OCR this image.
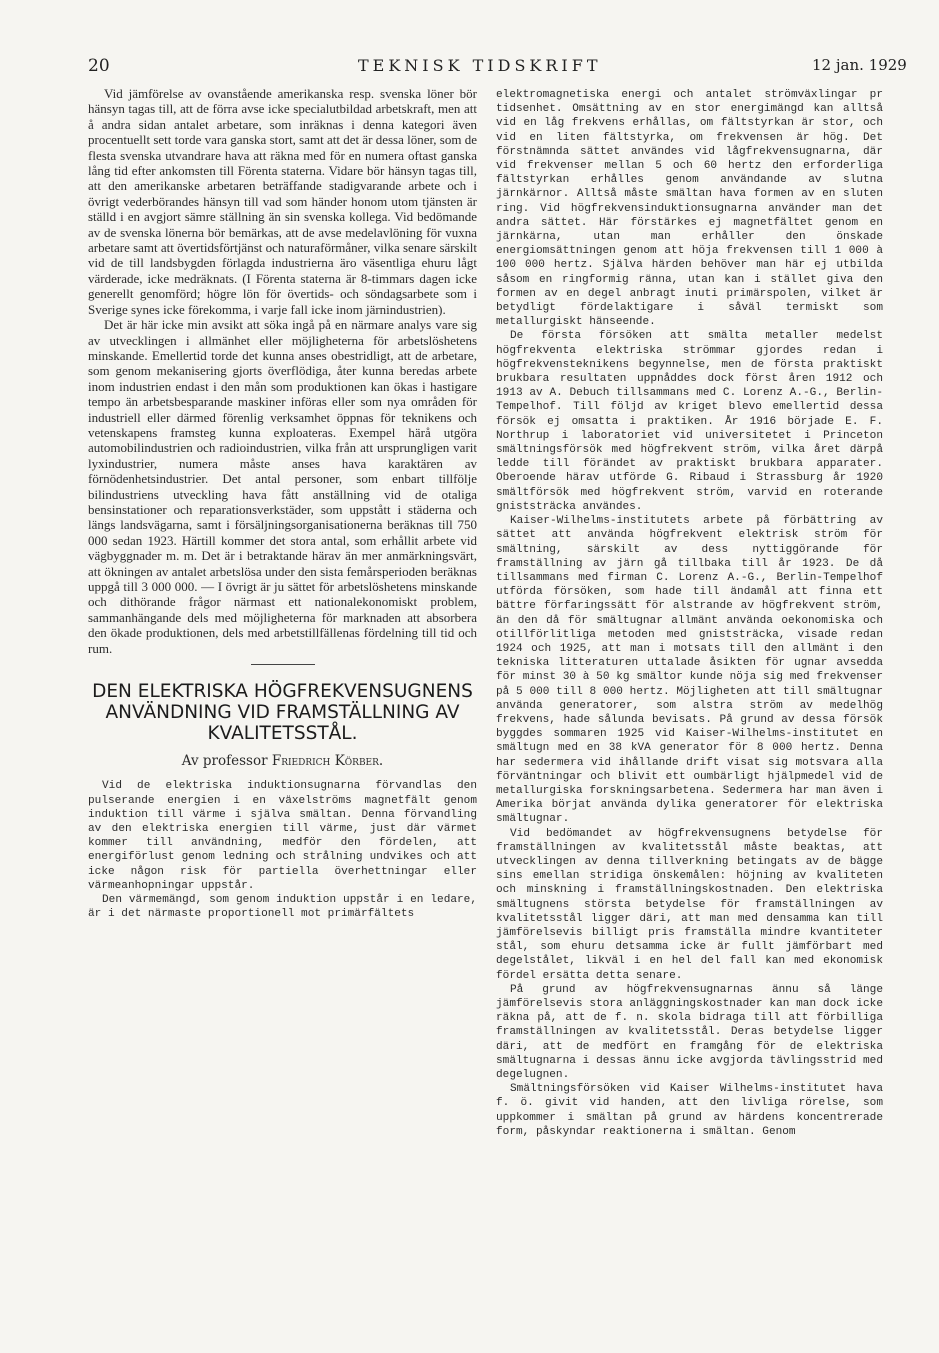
20	TEKNISK TIDSKRIFT	12 jan. 1929

Vid jämförelse av ovanstående amerikanska resp. svenska löner bör hänsyn tagas till, att de förra avse icke specialutbildad arbetskraft, men att å andra sidan antalet arbetare, som inräknas i denna kategori även procentuellt sett torde vara ganska stort, samt att det är dessa löner, som de flesta svenska utvandrare hava att räkna med för en numera oftast ganska lång tid efter ankomsten till Förenta staterna. Vidare bör hänsyn tagas till, att den amerikanske arbetaren beträffande stadigvarande arbete och i övrigt vederbörandes hänsyn till vad som händer honom utom tjänsten är ställd i en avgjort sämre ställning än sin svenska kollega. Vid bedömande av de svenska lönerna bör bemärkas, att de avse medelavlöning för vuxna arbetare samt att övertidsförtjänst och naturaförmåner, vilka senare särskilt vid de till landsbygden förlagda industrierna äro väsentliga ehuru lågt värderade, icke medräknats. (I Förenta staterna är 8-timmars dagen icke generellt genomförd; högre lön för övertids- och söndagsarbete som i Sverige synes icke förekomma, i varje fall icke inom järnindustrien).

Det är här icke min avsikt att söka ingå på en närmare analys vare sig av utvecklingen i allmänhet eller möjligheterna för arbetslöshetens minskande. Emellertid torde det kunna anses obestridligt, att de arbetare, som genom mekanisering gjorts överflödiga, åter kunna beredas arbete inom industrien endast i den mån som produktionen kan ökas i hastigare tempo än arbetsbesparande maskiner införas eller som nya områden för industriell eller därmed förenlig verksamhet öppnas för teknikens och vetenskapens framsteg kunna exploateras. Exempel härå utgöra automobilindustrien och radioindustrien, vilka från att ursprungligen varit lyxindustrier, numera måste anses hava karaktären av förnödenhetsindustrier. Det antal personer, som enbart tillfölje bilindustriens utveckling hava fått anställning vid de otaliga bensinstationer och reparationsverkstäder, som uppstått i städerna och längs landsvägarna, samt i försäljningsorganisationerna beräknas till 750 000 sedan 1923. Härtill kommer det stora antal, som erhållit arbete vid vägbyggnader m. m. Det är i betraktande härav än mer anmärkningsvärt, att ökningen av antalet arbetslösa under den sista femårsperioden beräknas uppgå till 3 000 000. — I övrigt är ju sättet för arbetslöshetens minskande och dithörande frågor närmast ett nationalekonomiskt problem, sammanhängande dels med möjligheterna för marknaden att absorbera den ökade produktionen, dels med arbetstillfällenas fördelning till tid och rum.

DEN ELEKTRISKA HÖGFREKVENSUGNENS ANVÄNDNING VID FRAMSTÄLLNING AV KVALITETSSTÅL.
Av professor Friedrich Körber.

Vid de elektriska induktionsugnarna förvandlas den pulserande energien i en växelströms magnetfält genom induktion till värme i själva smältan. Denna förvandling av den elektriska energien till värme, just där värmet kommer till användning, medför den fördelen, att energiförlust genom ledning och strålning undvikes och att icke någon risk för partiella överhettningar eller värmeanhopningar uppstår.

Den värmemängd, som genom induktion uppstår i en ledare, är i det närmaste proportionell mot primärfältets

elektromagnetiska energi och antalet strömväxlingar pr tidsenhet. Omsättning av en stor energimängd kan alltså vid en låg frekvens erhållas, om fältstyrkan är stor, och vid en liten fältstyrka, om frekvensen är hög. Det förstnämnda sättet användes vid lågfrekvensugnarna, där vid frekvenser mellan 5 och 60 hertz den erforderliga fältstyrkan erhålles genom användande av slutna järnkärnor. Alltså måste smältan hava formen av en sluten ring. Vid högfrekvensinduktionsugnarna använder man det andra sättet. Här förstärkes ej magnetfältet genom en järnkärna, utan man erhåller den önskade energiomsättningen genom att höja frekvensen till 1 000 à 100 000 hertz. Själva härden behöver man här ej utbilda såsom en ringformig ränna, utan kan i stället giva den formen av en degel anbragt inuti primärspolen, vilket är betydligt fördelaktigare i såväl termiskt som metallurgiskt hänseende.

De första försöken att smälta metaller medelst högfrekventa elektriska strömmar gjordes redan i högfrekvensteknikens begynnelse, men de första praktiskt brukbara resultaten uppnåddes dock först åren 1912 och 1913 av A. Debuch tillsammans med C. Lorenz A.-G., Berlin-Tempelhof. Till följd av kriget blevo emellertid dessa försök ej omsatta i praktiken. År 1916 började E. F. Northrup i laboratoriet vid universitetet i Princeton smältningsförsök med högfrekvent ström, vilka året därpå ledde till förändet av praktiskt brukbara apparater. Oberoende härav utförde G. Ribaud i Strassburg år 1920 smältförsök med högfrekvent ström, varvid en roterande gniststräcka användes.

Kaiser-Wilhelms-institutets arbete på förbättring av sättet att använda högfrekvent elektrisk ström för smältning, särskilt av dess nyttiggörande för framställning av järn gå tillbaka till år 1923. De då tillsammans med firman C. Lorenz A.-G., Berlin-Tempelhof utförda försöken, som hade till ändamål att finna ett bättre förfaringssätt för alstrande av högfrekvent ström, än den då för smältugnar allmänt använda oekonomiska och otillförlitliga metoden med gniststräcka, visade redan 1924 och 1925, att man i motsats till den allmänt i den tekniska litteraturen uttalade åsikten för ugnar avsedda för minst 30 à 50 kg smältor kunde nöja sig med frekvenser på 5 000 till 8 000 hertz. Möjligheten att till smältugnar använda generatorer, som alstra ström av medelhög frekvens, hade sålunda bevisats. På grund av dessa försök byggdes sommaren 1925 vid Kaiser-Wilhelms-institutet en smältugn med en 38 kVA generator för 8 000 hertz. Denna har sedermera vid ihållande drift visat sig motsvara alla förväntningar och blivit ett oumbärligt hjälpmedel vid de metallurgiska forskningsarbetena. Sedermera har man även i Amerika börjat använda dylika generatorer för elektriska smältugnar.

Vid bedömandet av högfrekvensugnens betydelse för framställningen av kvalitetsstål måste beaktas, att utvecklingen av denna tillverkning betingats av de bägge sins emellan stridiga önskemålen: höjning av kvaliteten och minskning i framställningskostnaden. Den elektriska smältugnens största betydelse för framställningen av kvalitetsstål ligger däri, att man med densamma kan till jämförelsevis billigt pris framställa mindre kvantiteter stål, som ehuru detsamma icke är fullt jämförbart med degelstålet, likväl i en hel del fall kan med ekonomisk fördel ersätta detta senare.

På grund av högfrekvensugnarnas ännu så länge jämförelsevis stora anläggningskostnader kan man dock icke räkna på, att de f. n. skola bidraga till att förbilliga framställningen av kvalitetsstål. Deras betydelse ligger däri, att de medfört en framgång för de elektriska smältugnarna i dessas ännu icke avgjorda tävlingsstrid med degelugnen.

Smältningsförsöken vid Kaiser Wilhelms-institutet hava f. ö. givit vid handen, att den livliga rörelse, som uppkommer i smältan på grund av härdens koncentrerade form, påskyndar reaktionerna i smältan. Genom
